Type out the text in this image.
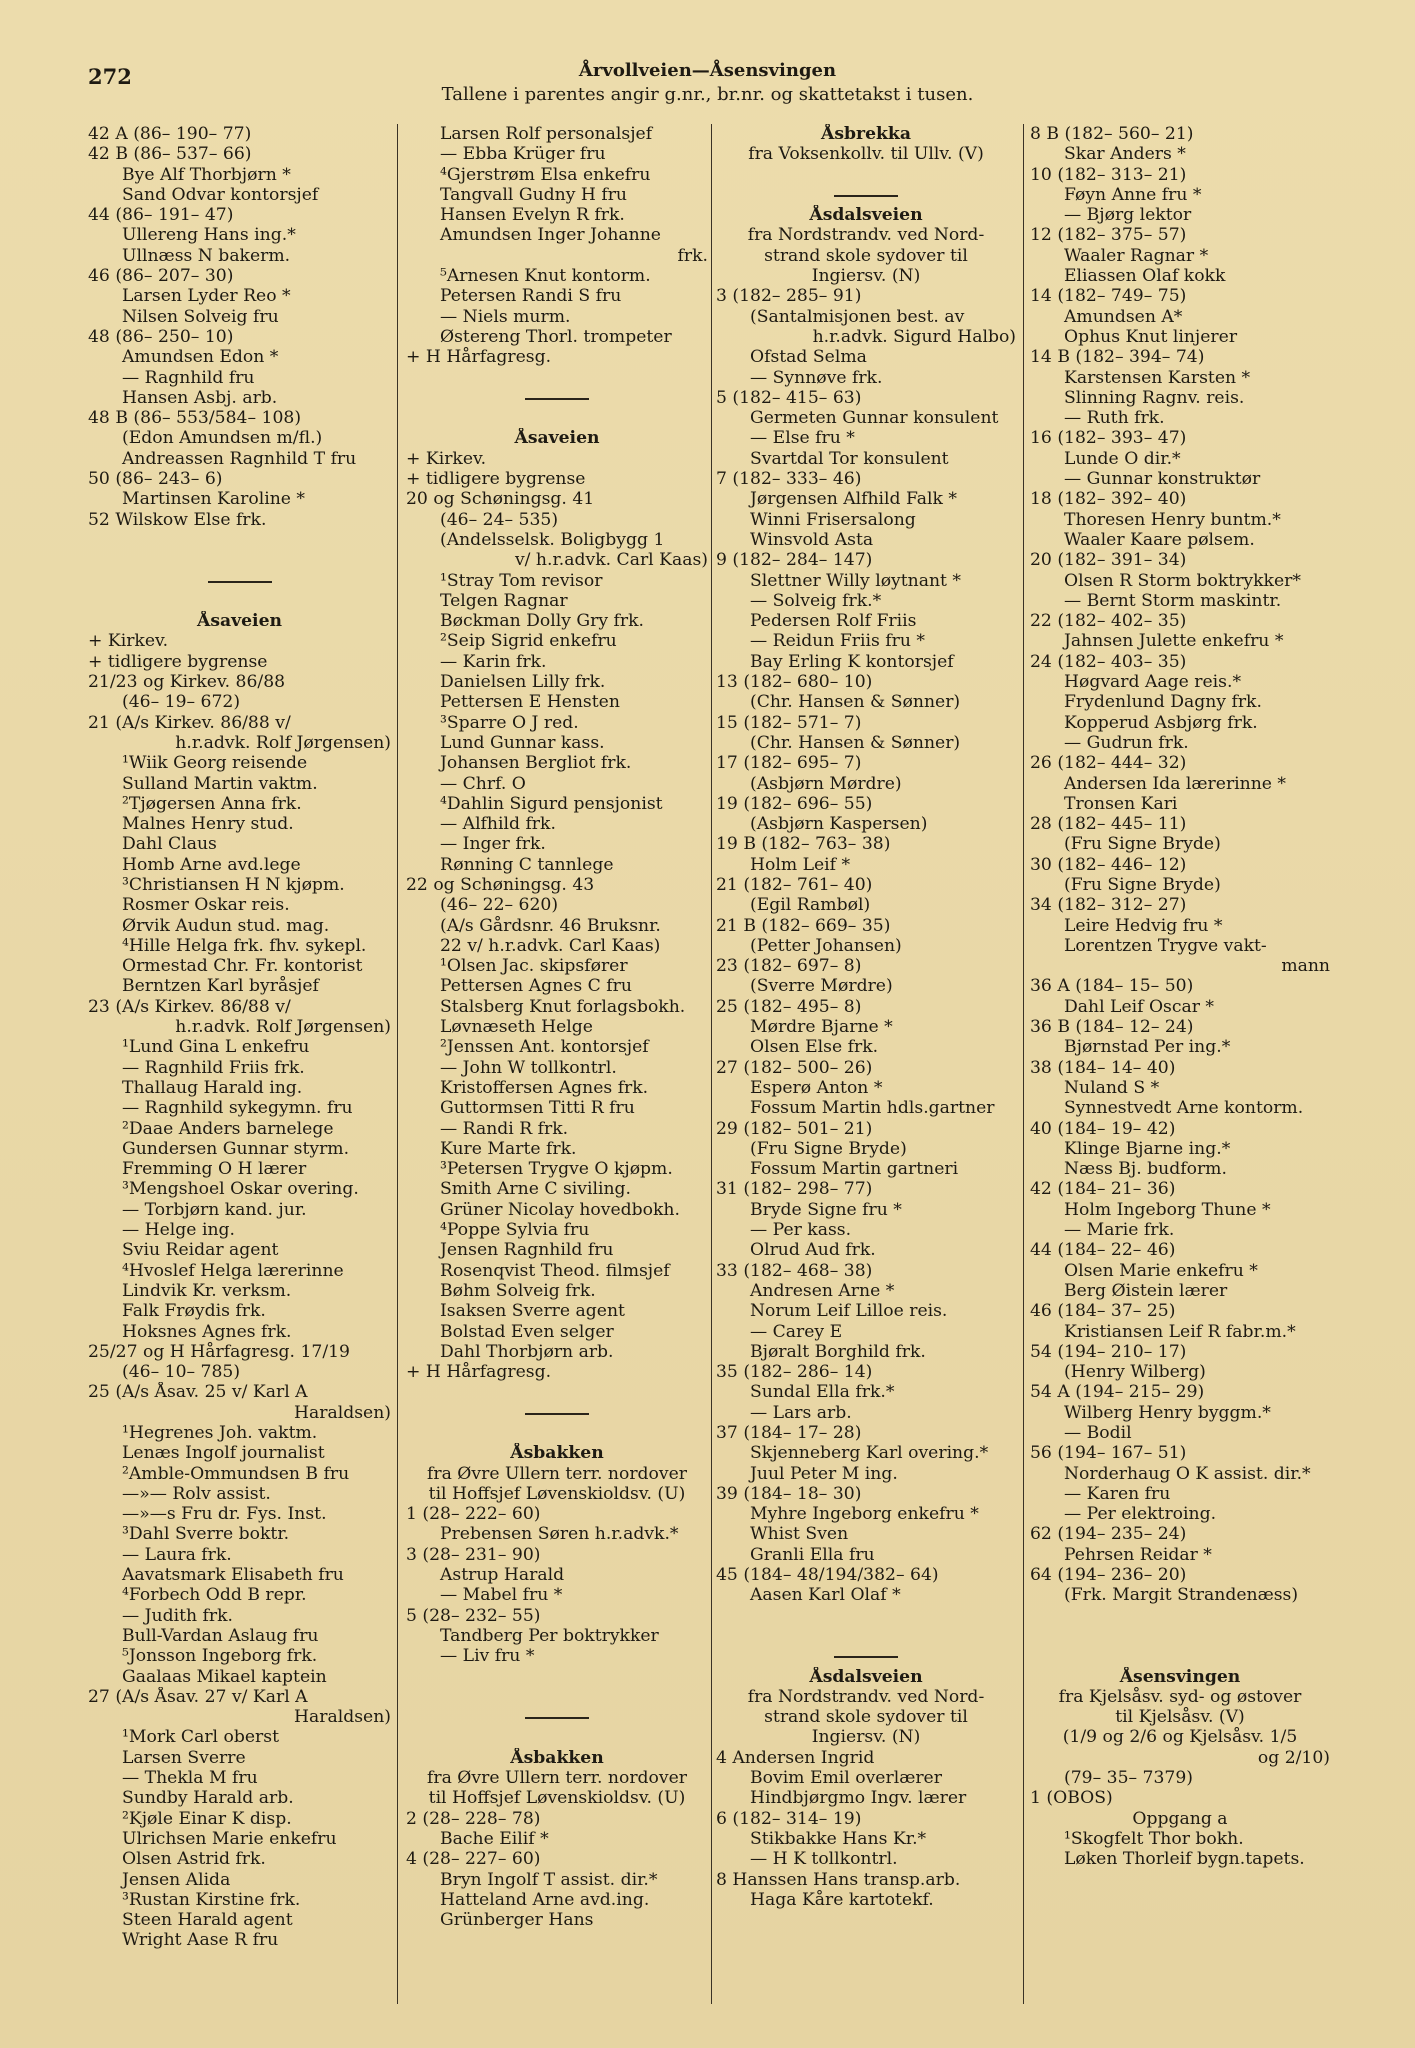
272	Årvollveien—Åsensvingen
Tallene i parentes angir g.nr., br.nr. og skattetakst i tusen.
42 A (86– 190– 77)
42 B (86– 537– 66)
Bye Alf Thorbjørn *
Sand Odvar kontorsjef
44 (86– 191– 47)
Ullereng Hans ing.*
Ullnæss N bakerm.
46 (86– 207– 30)
Larsen Lyder Reo *
Nilsen Solveig fru
48 (86– 250– 10)
Amundsen Edon *
— Ragnhild fru
Hansen Asbj. arb.
48 B (86– 553/584– 108)
(Edon Amundsen m/fl.)
Andreassen Ragnhild T fru
50 (86– 243– 6)
Martinsen Karoline *
52 Wilskow Else frk.
Åsaveien
+ Kirkev.
+ tidligere bygrense
21/23 og Kirkev. 86/88
(46– 19– 672)
21 (A/s Kirkev. 86/88 v/
h.r.advk. Rolf Jørgensen)
¹Wiik Georg reisende
Sulland Martin vaktm.
²Tjøgersen Anna frk.
Malnes Henry stud.
Dahl Claus
Homb Arne avd.lege
³Christiansen H N kjøpm.
Rosmer Oskar reis.
Ørvik Audun stud. mag.
⁴Hille Helga frk. fhv. sykepl.
Ormestad Chr. Fr. kontorist
Berntzen Karl byråsjef
23 (A/s Kirkev. 86/88 v/
h.r.advk. Rolf Jørgensen)
¹Lund Gina L enkefru
— Ragnhild Friis frk.
Thallaug Harald ing.
— Ragnhild sykegymn. fru
²Daae Anders barnelege
Gundersen Gunnar styrm.
Fremming O H lærer
³Mengshoel Oskar overing.
— Torbjørn kand. jur.
— Helge ing.
Sviu Reidar agent
⁴Hvoslef Helga lærerinne
Lindvik Kr. verksm.
Falk Frøydis frk.
Hoksnes Agnes frk.
25/27 og H Hårfagresg. 17/19
(46– 10– 785)
25 (A/s Åsav. 25 v/ Karl A
Haraldsen)
¹Hegrenes Joh. vaktm.
Lenæs Ingolf journalist
²Amble-Ommundsen B fru
—»— Rolv assist.
—»—s Fru dr. Fys. Inst.
³Dahl Sverre boktr.
— Laura frk.
Aavatsmark Elisabeth fru
⁴Forbech Odd B repr.
— Judith frk.
Bull-Vardan Aslaug fru
⁵Jonsson Ingeborg frk.
Gaalaas Mikael kaptein
27 (A/s Åsav. 27 v/ Karl A
Haraldsen)
¹Mork Carl oberst
Larsen Sverre
— Thekla M fru
Sundby Harald arb.
²Kjøle Einar K disp.
Ulrichsen Marie enkefru
Olsen Astrid frk.
Jensen Alida
³Rustan Kirstine frk.
Steen Harald agent
Wright Aase R fru
Larsen Rolf personalsjef
— Ebba Krüger fru
⁴Gjerstrøm Elsa enkefru
Tangvall Gudny H fru
Hansen Evelyn R frk.
Amundsen Inger Johanne
frk.
⁵Arnesen Knut kontorm.
Petersen Randi S fru
— Niels murm.
Østereng Thorl. trompeter
+ H Hårfagresg.
Åsaveien
+ Kirkev.
+ tidligere bygrense
20 og Schøningsg. 41
(46– 24– 535)
(Andelsselsk. Boligbygg 1
v/ h.r.advk. Carl Kaas)
¹Stray Tom revisor
Telgen Ragnar
Bøckman Dolly Gry frk.
²Seip Sigrid enkefru
— Karin frk.
Danielsen Lilly frk.
Pettersen E Hensten
³Sparre O J red.
Lund Gunnar kass.
Johansen Bergliot frk.
— Chrf. O
⁴Dahlin Sigurd pensjonist
— Alfhild frk.
— Inger frk.
Rønning C tannlege
22 og Schøningsg. 43
(46– 22– 620)
(A/s Gårdsnr. 46 Bruksnr.
22 v/ h.r.advk. Carl Kaas)
¹Olsen Jac. skipsfører
Pettersen Agnes C fru
Stalsberg Knut forlagsbokh.
Løvnæseth Helge
²Jenssen Ant. kontorsjef
— John W tollkontrl.
Kristoffersen Agnes frk.
Guttormsen Titti R fru
— Randi R frk.
Kure Marte frk.
³Petersen Trygve O kjøpm.
Smith Arne C siviling.
Grüner Nicolay hovedbokh.
⁴Poppe Sylvia fru
Jensen Ragnhild fru
Rosenqvist Theod. filmsjef
Bøhm Solveig frk.
Isaksen Sverre agent
Bolstad Even selger
Dahl Thorbjørn arb.
+ H Hårfagresg.
Åsbakken
fra Øvre Ullern terr. nordover
til Hoffsjef Løvenskioldsv. (U)
1 (28– 222– 60)
Prebensen Søren h.r.advk.*
3 (28– 231– 90)
Astrup Harald
— Mabel fru *
5 (28– 232– 55)
Tandberg Per boktrykker
— Liv fru *
Åsbakken
fra Øvre Ullern terr. nordover
til Hoffsjef Løvenskioldsv. (U)
2 (28– 228– 78)
Bache Eilif *
4 (28– 227– 60)
Bryn Ingolf T assist. dir.*
Hatteland Arne avd.ing.
Grünberger Hans
Åsbrekka
fra Voksenkollv. til Ullv. (V)
Åsdalsveien
fra Nordstrandv. ved Nord-
strand skole sydover til
Ingiersv. (N)
3 (182– 285– 91)
(Santalmisjonen best. av
h.r.advk. Sigurd Halbo)
Ofstad Selma
— Synnøve frk.
5 (182– 415– 63)
Germeten Gunnar konsulent
— Else fru *
Svartdal Tor konsulent
7 (182– 333– 46)
Jørgensen Alfhild Falk *
Winni Frisersalong
Winsvold Asta
9 (182– 284– 147)
Slettner Willy løytnant *
— Solveig frk.*
Pedersen Rolf Friis
— Reidun Friis fru *
Bay Erling K kontorsjef
13 (182– 680– 10)
(Chr. Hansen & Sønner)
15 (182– 571– 7)
(Chr. Hansen & Sønner)
17 (182– 695– 7)
(Asbjørn Mørdre)
19 (182– 696– 55)
(Asbjørn Kaspersen)
19 B (182– 763– 38)
Holm Leif *
21 (182– 761– 40)
(Egil Rambøl)
21 B (182– 669– 35)
(Petter Johansen)
23 (182– 697– 8)
(Sverre Mørdre)
25 (182– 495– 8)
Mørdre Bjarne *
Olsen Else frk.
27 (182– 500– 26)
Esperø Anton *
Fossum Martin hdls.gartner
29 (182– 501– 21)
(Fru Signe Bryde)
Fossum Martin gartneri
31 (182– 298– 77)
Bryde Signe fru *
— Per kass.
Olrud Aud frk.
33 (182– 468– 38)
Andresen Arne *
Norum Leif Lilloe reis.
— Carey E
Bjøralt Borghild frk.
35 (182– 286– 14)
Sundal Ella frk.*
— Lars arb.
37 (184– 17– 28)
Skjenneberg Karl overing.*
Juul Peter M ing.
39 (184– 18– 30)
Myhre Ingeborg enkefru *
Whist Sven
Granli Ella fru
45 (184– 48/194/382– 64)
Aasen Karl Olaf *
Åsdalsveien
fra Nordstrandv. ved Nord-
strand skole sydover til
Ingiersv. (N)
4 Andersen Ingrid
Bovim Emil overlærer
Hindbjørgmo Ingv. lærer
6 (182– 314– 19)
Stikbakke Hans Kr.*
— H K tollkontrl.
8 Hanssen Hans transp.arb.
Haga Kåre kartotekf.
8 B (182– 560– 21)
Skar Anders *
10 (182– 313– 21)
Føyn Anne fru *
— Bjørg lektor
12 (182– 375– 57)
Waaler Ragnar *
Eliassen Olaf kokk
14 (182– 749– 75)
Amundsen A*
Ophus Knut linjerer
14 B (182– 394– 74)
Karstensen Karsten *
Slinning Ragnv. reis.
— Ruth frk.
16 (182– 393– 47)
Lunde O dir.*
— Gunnar konstruktør
18 (182– 392– 40)
Thoresen Henry buntm.*
Waaler Kaare pølsem.
20 (182– 391– 34)
Olsen R Storm boktrykker*
— Bernt Storm maskintr.
22 (182– 402– 35)
Jahnsen Julette enkefru *
24 (182– 403– 35)
Høgvard Aage reis.*
Frydenlund Dagny frk.
Kopperud Asbjørg frk.
— Gudrun frk.
26 (182– 444– 32)
Andersen Ida lærerinne *
Tronsen Kari
28 (182– 445– 11)
(Fru Signe Bryde)
30 (182– 446– 12)
(Fru Signe Bryde)
34 (182– 312– 27)
Leire Hedvig fru *
Lorentzen Trygve vakt-
mann
36 A (184– 15– 50)
Dahl Leif Oscar *
36 B (184– 12– 24)
Bjørnstad Per ing.*
38 (184– 14– 40)
Nuland S *
Synnestvedt Arne kontorm.
40 (184– 19– 42)
Klinge Bjarne ing.*
Næss Bj. budform.
42 (184– 21– 36)
Holm Ingeborg Thune *
— Marie frk.
44 (184– 22– 46)
Olsen Marie enkefru *
Berg Øistein lærer
46 (184– 37– 25)
Kristiansen Leif R fabr.m.*
54 (194– 210– 17)
(Henry Wilberg)
54 A (194– 215– 29)
Wilberg Henry byggm.*
— Bodil
56 (194– 167– 51)
Norderhaug O K assist. dir.*
— Karen fru
— Per elektroing.
62 (194– 235– 24)
Pehrsen Reidar *
64 (194– 236– 20)
(Frk. Margit Strandenæss)
Åsensvingen
fra Kjelsåsv. syd- og østover
til Kjelsåsv. (V)
(1/9 og 2/6 og Kjelsåsv. 1/5
og 2/10)
(79– 35– 7379)
1 (OBOS)
Oppgang a
¹Skogfelt Thor bokh.
Løken Thorleif bygn.tapets.
